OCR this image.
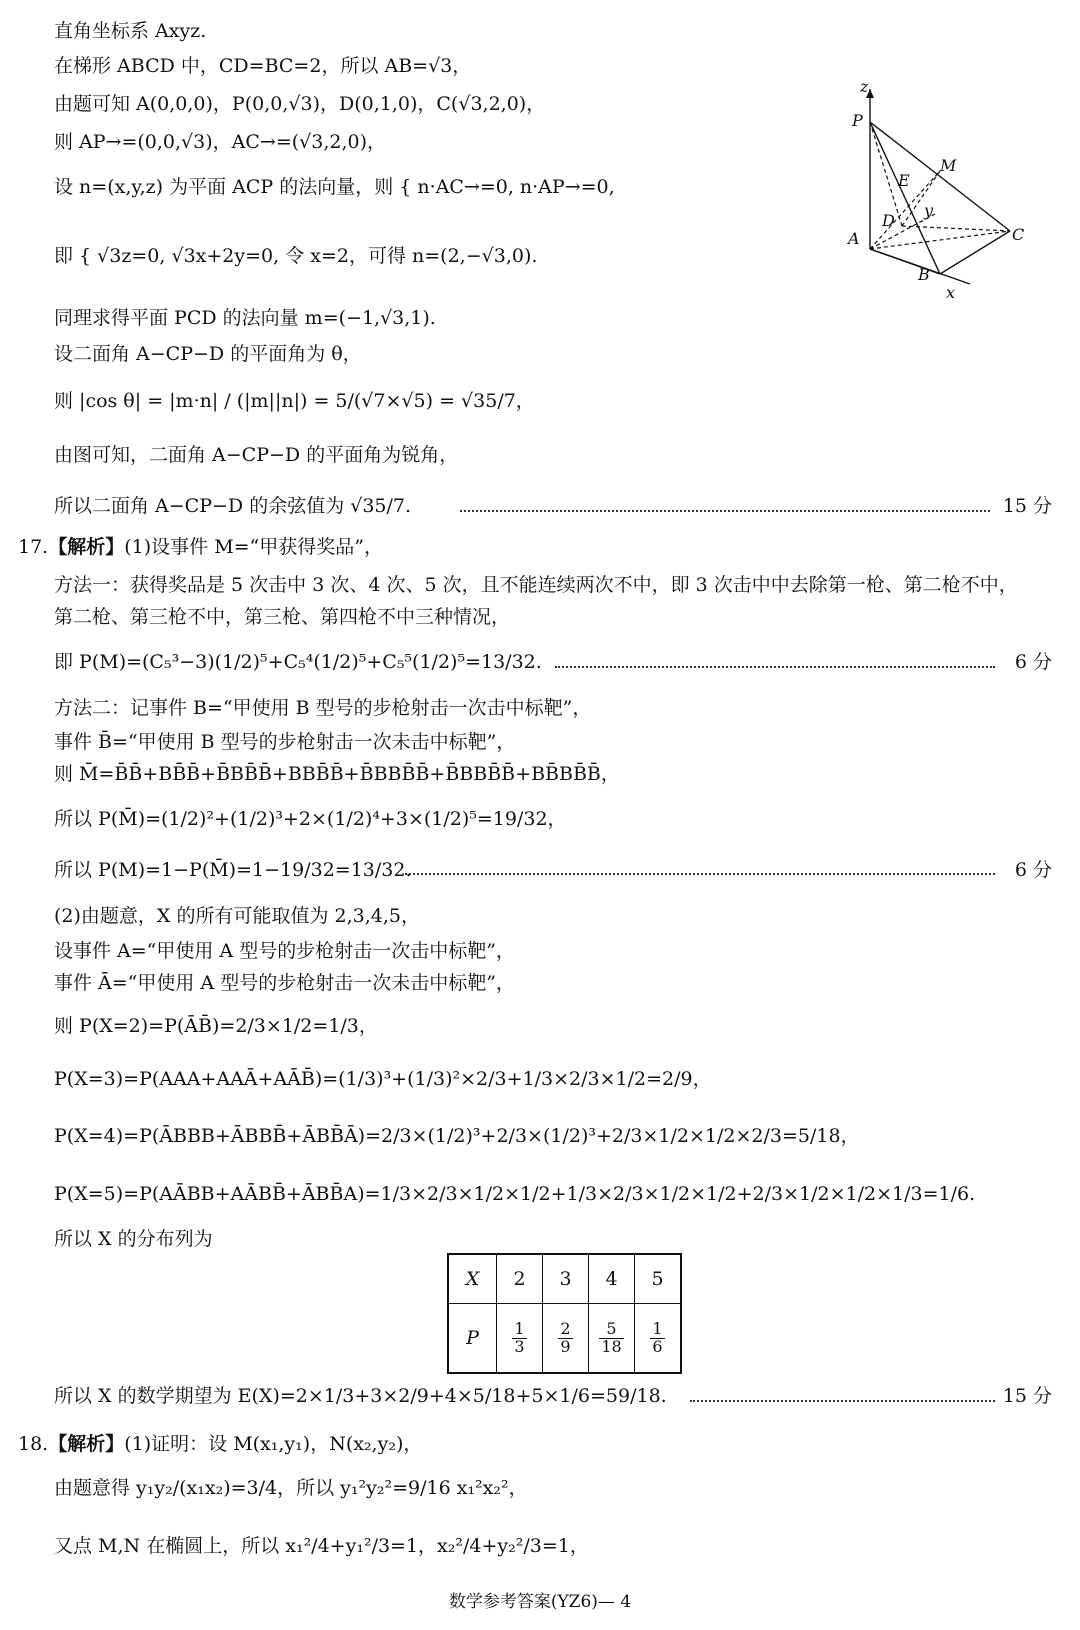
直角坐标系 Axyz.
在梯形 ABCD 中，CD=BC=2，所以 AB=√3，
由题可知 A(0,0,0)，P(0,0,√3)，D(0,1,0)，C(√3,2,0)，
则 AP→=(0,0,√3)，AC→=(√3,2,0)，
设 n=(x,y,z) 为平面 ACP 的法向量，则 { n·AC→=0, n·AP→=0,
即 { √3z=0, √3x+2y=0, 令 x=2，可得 n=(2,−√3,0).
同理求得平面 PCD 的法向量 m=(−1,√3,1).
设二面角 A−CP−D 的平面角为 θ，
则 |cos θ| = |m·n| / (|m||n|) = 5/(√7×√5) = √35/7，
由图可知，二面角 A−CP−D 的平面角为锐角，
所以二面角 A−CP−D 的余弦值为 √35/7.	15 分
z
P
M
E
D
y
A	C
B
x
17.【解析】(1)设事件 M=“甲获得奖品”，
方法一：获得奖品是 5 次击中 3 次、4 次、5 次，且不能连续两次不中，即 3 次击中中去除第一枪、第二枪不中，
第二枪、第三枪不中，第三枪、第四枪不中三种情况，
即 P(M)=(C₅³−3)(1/2)⁵+C₅⁴(1/2)⁵+C₅⁵(1/2)⁵=13/32.	6 分
方法二：记事件 B=“甲使用 B 型号的步枪射击一次击中标靶”，
事件 B̄=“甲使用 B 型号的步枪射击一次未击中标靶”，
则 M̄=B̄B̄+BB̄B̄+B̄BB̄B̄+BBB̄B̄+B̄BBB̄B̄+B̄BBB̄B̄+BB̄BB̄B̄，
所以 P(M̄)=(1/2)²+(1/2)³+2×(1/2)⁴+3×(1/2)⁵=19/32，
所以 P(M)=1−P(M̄)=1−19/32=13/32.	6 分
(2)由题意，X 的所有可能取值为 2,3,4,5，
设事件 A=“甲使用 A 型号的步枪射击一次击中标靶”，
事件 Ā=“甲使用 A 型号的步枪射击一次未击中标靶”，
则 P(X=2)=P(ĀB̄)=2/3×1/2=1/3，
P(X=3)=P(AAA+AAĀ+AĀB̄)=(1/3)³+(1/3)²×2/3+1/3×2/3×1/2=2/9，
P(X=4)=P(ĀBBB+ĀBBB̄+ĀBB̄Ā)=2/3×(1/2)³+2/3×(1/2)³+2/3×1/2×1/2×2/3=5/18，
P(X=5)=P(AĀBB+AĀBB̄+ĀBB̄A)=1/3×2/3×1/2×1/2+1/3×2/3×1/2×1/2+2/3×1/2×1/2×1/3=1/6.
所以 X 的分布列为
X	2	3	4	5
P	$\frac{1}{3}$	$\frac{2}{9}$	$\frac{5}{18}$	$\frac{1}{6}$
所以 X 的数学期望为 E(X)=2×1/3+3×2/9+4×5/18+5×1/6=59/18.	15 分
18.【解析】(1)证明：设 M(x₁,y₁)，N(x₂,y₂)，
由题意得 y₁y₂/(x₁x₂)=3/4，所以 y₁²y₂²=9/16 x₁²x₂²，
又点 M,N 在椭圆上，所以 x₁²/4+y₁²/3=1，x₂²/4+y₂²/3=1，
数学参考答案(YZ6)— 4
